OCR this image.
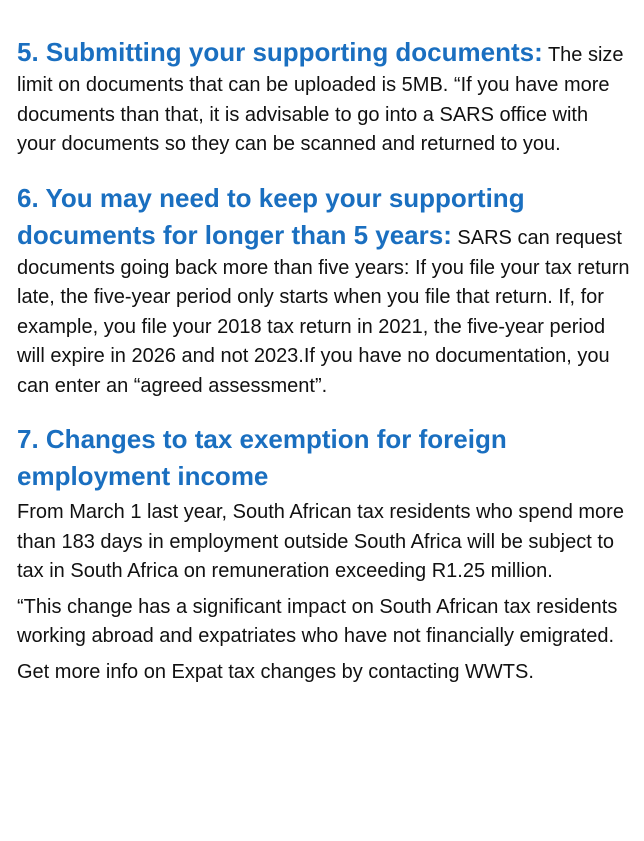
5. Submitting your supporting documents: The size limit on documents that can be uploaded is 5MB. “If you have more documents than that, it is advisable to go into a SARS office with your documents so they can be scanned and returned to you.

6. You may need to keep your supporting documents for longer than 5 years: SARS can request documents going back more than five years: If you file your tax return late, the five-year period only starts when you file that return. If, for example, you file your 2018 tax return in 2021, the five-year period will expire in 2026 and not 2023.If you have no documentation, you can enter an “agreed assessment”.

7. Changes to tax exemption for foreign employment income

From March 1 last year, South African tax residents who spend more than 183 days in employment outside South Africa will be subject to tax in South Africa on remuneration exceeding R1.25 million.

“This change has a significant impact on South African tax residents working abroad and expatriates who have not financially emigrated.

Get more info on Expat tax changes by contacting WWTS.
